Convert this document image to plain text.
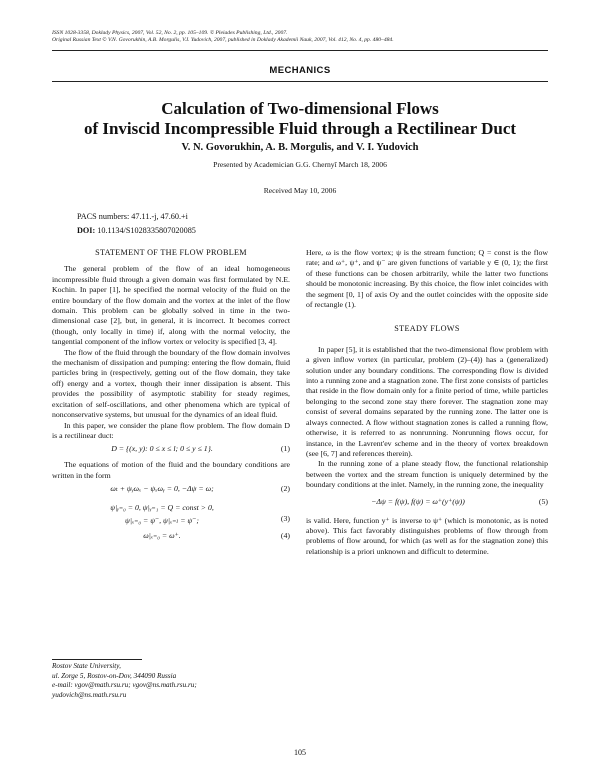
ISSN 1028-3358, Doklady Physics, 2007, Vol. 52, No. 2, pp. 105–109. © Pleiades Publishing, Ltd., 2007.
Original Russian Text © V.N. Govorukhin, A.B. Morgulis, V.I. Yudovich, 2007, published in Doklady Akademii Nauk, 2007, Vol. 412, No. 4, pp. 480–484.
MECHANICS
Calculation of Two-dimensional Flows
of Inviscid Incompressible Fluid through a Rectilinear Duct
V. N. Govorukhin, A. B. Morgulis, and V. I. Yudovich
Presented by Academician G.G. Chernyĭ March 18, 2006
Received May 10, 2006
PACS numbers: 47.11.-j, 47.60.+i
DOI: 10.1134/S1028335807020085
STATEMENT OF THE FLOW PROBLEM

The general problem of the flow of an ideal homogeneous incompressible fluid through a given domain was first formulated by N.E. Kochin. In paper [1], he specified the normal velocity of the fluid on the entire boundary of the flow domain and the vortex at the inlet of the flow domain. This problem can be globally solved in time in the two-dimensional case [2], but, in general, it is incorrect. It becomes correct (though, only locally in time) if, along with the normal velocity, the tangential component of the inflow vortex or velocity is specified [3, 4].

The flow of the fluid through the boundary of the flow domain involves the mechanism of dissipation and pumping: entering the flow domain, fluid particles bring in (respectively, getting out of the flow domain, they take off) energy and a vortex, though their inner dissipation is absent. This provides the possibility of asymptotic stability for steady regimes, excitation of self-oscillations, and other phenomena which are typical of nonconservative systems, but unusual for the dynamics of an ideal fluid.

In this paper, we consider the plane flow problem. The flow domain D is a rectilinear duct:

D = {(x, y): 0 ≤ x ≤ l; 0 ≤ y ≤ 1}.	(1)

The equations of motion of the fluid and the boundary conditions are written in the form

ωₜ + ψᵧωₓ − ψₓωᵧ = 0, −Δψ = ω;	(2)
ψ|ᵧ₌₀ = 0, ψ|ᵧ₌₁ = Q = const > 0,
ψ|ₓ₌₀ = ψ⁻, ψ|ₓ₌ₗ = ψ⁻;	(3)
ω|ₓ₌₀ = ω⁺.	(4)
Rostov State University,
ul. Zorge 5, Rostov-on-Dov, 344090 Russia
e-mail: vgov@math.rsu.ru; vgov@ns.math.rsu.ru;
yudovich@ns.math.rsu.ru

Here, ω is the flow vortex; ψ is the stream function; Q = const is the flow rate; and ω⁺, ψ⁺, and ψ⁻ are given functions of variable y ∈ (0, 1); the first of these functions can be chosen arbitrarily, while the latter two functions should be monotonic increasing. By this choice, the flow inlet coincides with the segment [0, 1] of axis Oy and the outlet coincides with the opposite side of rectangle (1).

STEADY FLOWS

In paper [5], it is established that the two-dimensional flow problem with a given inflow vortex (in particular, problem (2)–(4)) has a (generalized) solution under any boundary conditions. The corresponding flow is divided into a running zone and a stagnation zone. The first zone consists of particles that reside in the flow domain only for a finite period of time, while particles belonging to the second zone stay there forever. The stagnation zone may consist of several domains separated by the running zone. The latter one is always connected. A flow without stagnation zones is called a running flow, otherwise, it is referred to as nonrunning. Nonrunning flows occur, for instance, in the Lavrent'ev scheme and in the theory of vortex breakdown (see [6, 7] and references therein).

In the running zone of a plane steady flow, the functional relationship between the vortex and the stream function is uniquely determined by the boundary conditions at the inlet. Namely, in the running zone, the inequality

−Δψ = f(ψ), f(ψ) = ω⁺(y⁺(ψ))	(5)

is valid. Here, function y⁺ is inverse to ψ⁺ (which is monotonic, as is noted above). This fact favorably distinguishes problems of flow through from problems of flow around, for which (as well as for the stagnation zone) this relationship is a priori unknown and difficult to determine.

105
